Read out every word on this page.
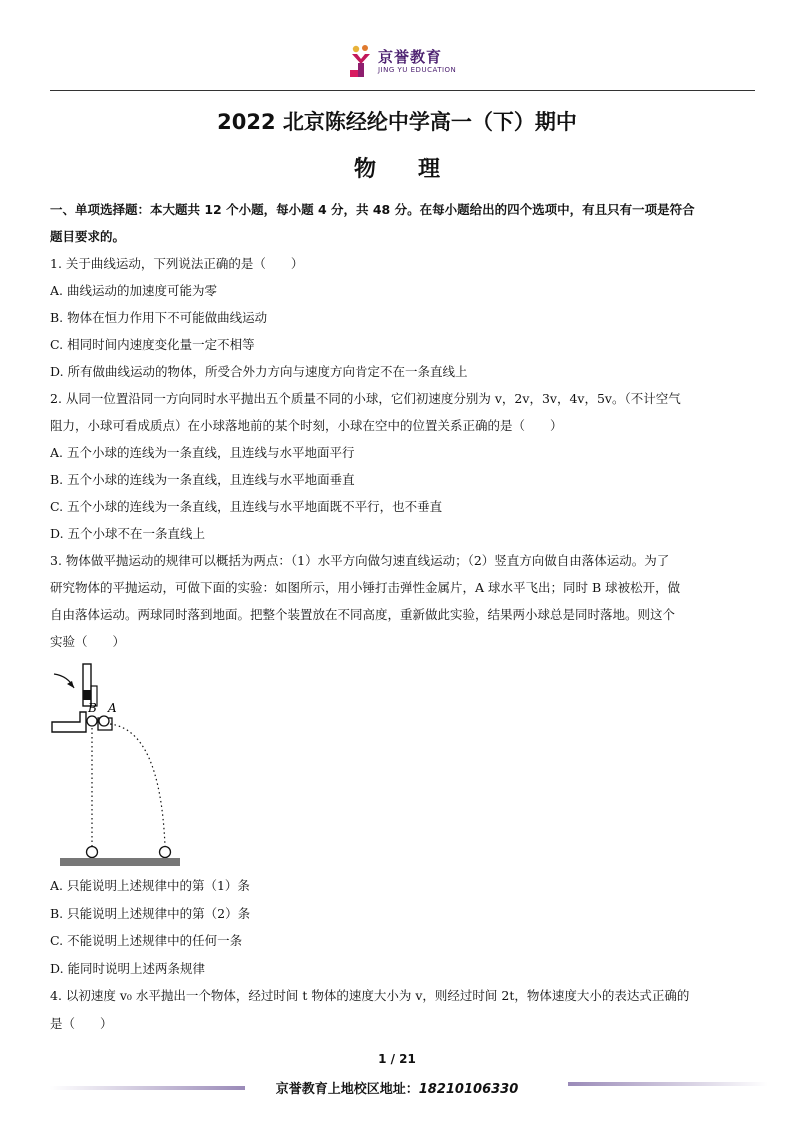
京誉教育
JING YU EDUCATION
2022 北京陈经纶中学高一（下）期中
物理

一、单项选择题：本大题共 12 个小题，每小题 4 分，共 48 分。在每小题给出的四个选项中，有且只有一项是符合

题目要求的。

1. 关于曲线运动，下列说法正确的是（　　）

A. 曲线运动的加速度可能为零

B. 物体在恒力作用下不可能做曲线运动

C. 相同时间内速度变化量一定不相等

D. 所有做曲线运动的物体，所受合外力方向与速度方向肯定不在一条直线上

2. 从同一位置沿同一方向同时水平抛出五个质量不同的小球，它们初速度分别为 v，2v，3v，4v，5v。（不计空气

阻力，小球可看成质点）在小球落地前的某个时刻，小球在空中的位置关系正确的是（　　）

A. 五个小球的连线为一条直线，且连线与水平地面平行

B. 五个小球的连线为一条直线，且连线与水平地面垂直

C. 五个小球的连线为一条直线，且连线与水平地面既不平行，也不垂直

D. 五个小球不在一条直线上

3. 物体做平抛运动的规律可以概括为两点：（1）水平方向做匀速直线运动；（2）竖直方向做自由落体运动。为了

研究物体的平抛运动，可做下面的实验：如图所示，用小锤打击弹性金属片，A 球水平飞出；同时 B 球被松开，做

自由落体运动。两球同时落到地面。把整个装置放在不同高度，重新做此实验，结果两小球总是同时落地。则这个

实验（　　）

B A

A. 只能说明上述规律中的第（1）条

B. 只能说明上述规律中的第（2）条

C. 不能说明上述规律中的任何一条

D. 能同时说明上述两条规律

4. 以初速度 v₀ 水平抛出一个物体，经过时间 t 物体的速度大小为 v，则经过时间 2t，物体速度大小的表达式正确的

是（　　）

1 / 21
京誉教育上地校区地址：18210106330
